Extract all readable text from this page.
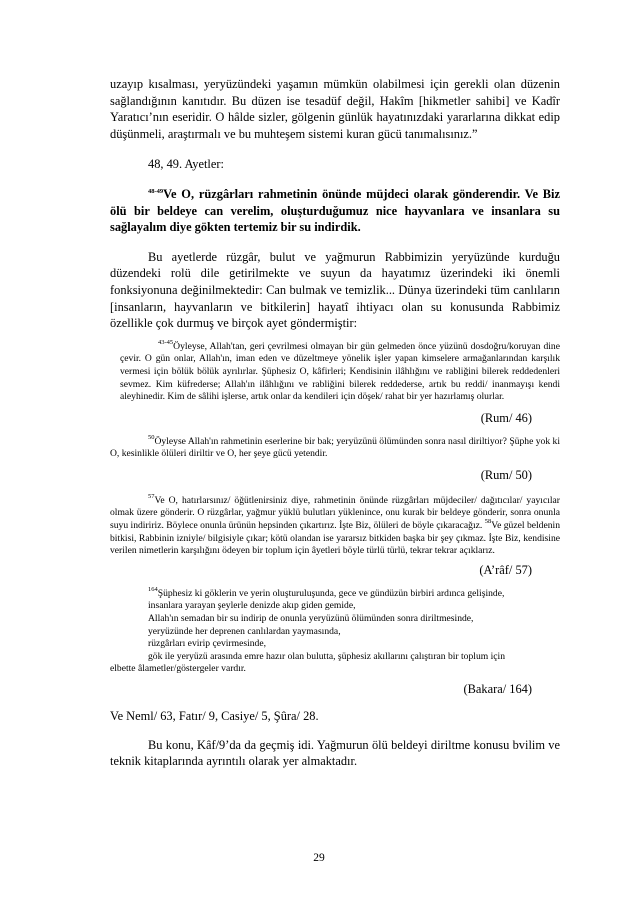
uzayıp kısalması, yeryüzündeki yaşamın mümkün olabilmesi için gerekli olan düzenin sağlandığının kanıtıdır. Bu düzen ise tesadüf değil, Hakîm [hikmetler sahibi] ve Kadîr Yaratıcı’nın eseridir. O hâlde sizler, gölgenin günlük hayatınızdaki yararlarına dikkat edip düşünmeli, araştırmalı ve bu muhteşem sistemi kuran gücü tanımalısınız.”

48, 49. Ayetler:

$^{48-49}$Ve O, rüzgârları rahmetinin önünde müjdeci olarak gönderendir. Ve Biz ölü bir beldeye can verelim, oluşturduğumuz nice hayvanlara ve insanlara su sağlayalım diye gökten tertemiz bir su indirdik.

Bu ayetlerde rüzgâr, bulut ve yağmurun Rabbimizin yeryüzünde kurduğu düzendeki rolü dile getirilmekte ve suyun da hayatımız üzerindeki iki önemli fonksiyonuna değinilmektedir: Can bulmak ve temizlik... Dünya üzerindeki tüm canlıların [insanların, hayvanların ve bitkilerin] hayatî ihtiyacı olan su konusunda Rabbimiz özellikle çok durmuş ve birçok ayet göndermiştir:

$^{43-45}$Öyleyse, Allah'tan, geri çevrilmesi olmayan bir gün gelmeden önce yüzünü dosdoğru/koruyan dine çevir. O gün onlar, Allah'ın, iman eden ve düzeltmeye yönelik işler yapan kimselere armağanlarından karşılık vermesi için bölük bölük ayrılırlar. Şüphesiz O, kâfirleri; Kendisinin ilâhlığını ve rabliğini bilerek reddedenleri sevmez. Kim küfrederse; Allah'ın ilâhlığını ve rabliğini bilerek reddederse, artık bu reddi/ inanmayışı kendi aleyhinedir. Kim de sâlihi işlerse, artık onlar da kendileri için döşek/ rahat bir yer hazırlamış olurlar.

(Rum/ 46)

$^{50}$Öyleyse Allah'ın rahmetinin eserlerine bir bak; yeryüzünü ölümünden sonra nasıl diriltiyor? Şüphe yok ki O, kesinlikle ölüleri diriltir ve O, her şeye gücü yetendir.

(Rum/ 50)

$^{57}$Ve O, hatırlarsınız/ öğütlenirsiniz diye, rahmetinin önünde rüzgârları müjdeciler/ dağıtıcılar/ yayıcılar olmak üzere gönderir. O rüzgârlar, yağmur yüklü bulutları yüklenince, onu kurak bir beldeye gönderir, sonra onunla suyu indiririz. Böylece onunla ürünün hepsinden çıkartırız. İşte Biz, ölüleri de böyle çıkaracağız. $^{58}$Ve güzel beldenin bitkisi, Rabbinin izniyle/ bilgisiyle çıkar; kötü olandan ise yararsız bitkiden başka bir şey çıkmaz. İşte Biz, kendisine verilen nimetlerin karşılığını ödeyen bir toplum için âyetleri böyle türlü türlü, tekrar tekrar açıklarız.

(A’râf/ 57)

$^{164}$Şüphesiz ki göklerin ve yerin oluşturuluşunda, gece ve gündüzün birbiri ardınca gelişinde,

insanlara yarayan şeylerle denizde akıp giden gemide,

Allah'ın semadan bir su indirip de onunla yeryüzünü ölümünden sonra diriltmesinde,

yeryüzünde her deprenen canlılardan yaymasında,

rüzgârları evirip çevirmesinde,

gök ile yeryüzü arasında emre hazır olan bulutta, şüphesiz akıllarını çalıştıran bir toplum için

elbette âlametler/göstergeler vardır.

(Bakara/ 164)

Ve Neml/ 63, Fatır/ 9, Casiye/ 5, Şûra/ 28.

Bu konu, Kâf/9’da da geçmiş idi. Yağmurun ölü beldeyi diriltme konusu bvilim ve teknik kitaplarında ayrıntılı olarak yer almaktadır.

29
